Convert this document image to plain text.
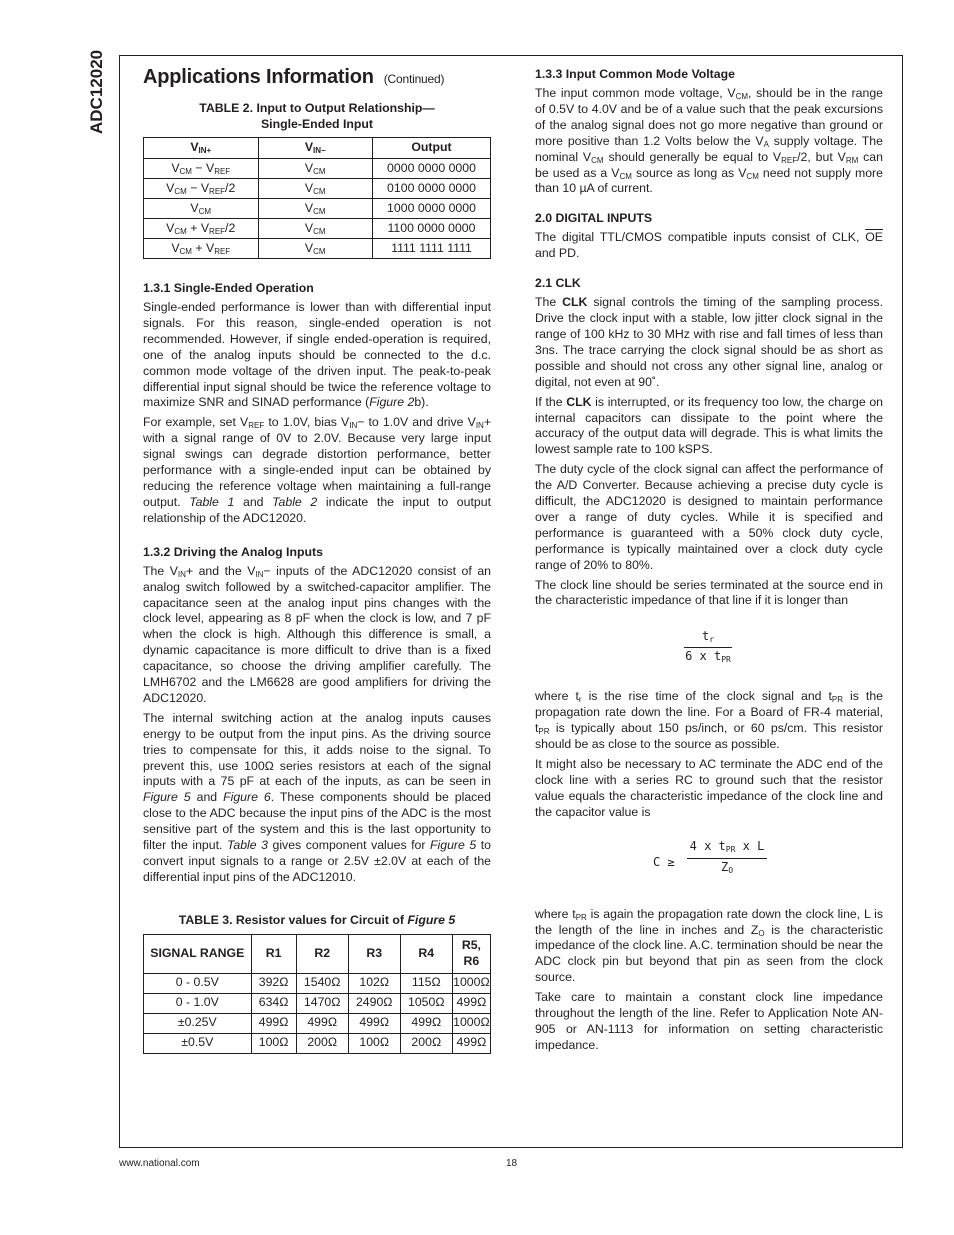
ADC12020 Applications Information (Continued)
TABLE 2. Input to Output Relationship—
Single-Ended Input
$V_{IN+}$	$V_{IN-}$	Output
$V_{CM} - V_{REF}$	$V_{CM}$	0000 0000 0000
$V_{CM} - V_{REF}/2$	$V_{CM}$	0100 0000 0000
$V_{CM}$	$V_{CM}$	1000 0000 0000
$V_{CM} + V_{REF}/2$	$V_{CM}$	1100 0000 0000
$V_{CM} + V_{REF}$	$V_{CM}$	1111 1111 1111
1.3.1 Single-Ended Operation

Single-ended performance is lower than with differential input signals. For this reason, single-ended operation is not recommended. However, if single ended-operation is required, one of the analog inputs should be connected to the d.c. common mode voltage of the driven input. The peak-to-peak differential input signal should be twice the reference voltage to maximize SNR and SINAD performance (Figure 2b).

For example, set $V_{REF}$ to 1.0V, bias $V_{IN}-$ to 1.0V and drive $V_{IN}+$ with a signal range of 0V to 2.0V. Because very large input signal swings can degrade distortion performance, better performance with a single-ended input can be obtained by reducing the reference voltage when maintaining a full-range output. Table 1 and Table 2 indicate the input to output relationship of the ADC12020.

1.3.2 Driving the Analog Inputs

The $V_{IN}+$ and the $V_{IN}-$ inputs of the ADC12020 consist of an analog switch followed by a switched-capacitor amplifier. The capacitance seen at the analog input pins changes with the clock level, appearing as 8 pF when the clock is low, and 7 pF when the clock is high. Although this difference is small, a dynamic capacitance is more difficult to drive than is a fixed capacitance, so choose the driving amplifier carefully. The LMH6702 and the LM6628 are good amplifiers for driving the ADC12020.

The internal switching action at the analog inputs causes energy to be output from the input pins. As the driving source tries to compensate for this, it adds noise to the signal. To prevent this, use 100Ω series resistors at each of the signal inputs with a 75 pF at each of the inputs, as can be seen in Figure 5 and Figure 6. These components should be placed close to the ADC because the input pins of the ADC is the most sensitive part of the system and this is the last opportunity to filter the input. Table 3 gives component values for Figure 5 to convert input signals to a range or 2.5V ±2.0V at each of the differential input pins of the ADC12010.

TABLE 3. Resistor values for Circuit of Figure 5
SIGNAL RANGE	R1	R2	R3	R4	R5, R6
0 - 0.5V	392Ω	1540Ω	102Ω	115Ω	1000Ω
0 - 1.0V	634Ω	1470Ω	2490Ω	1050Ω	499Ω
±0.25V	499Ω	499Ω	499Ω	499Ω	1000Ω
±0.5V	100Ω	200Ω	100Ω	200Ω	499Ω
1.3.3 Input Common Mode Voltage

The input common mode voltage, $V_{CM}$, should be in the range of 0.5V to 4.0V and be of a value such that the peak excursions of the analog signal does not go more negative than ground or more positive than 1.2 Volts below the $V_A$ supply voltage. The nominal $V_{CM}$ should generally be equal to $V_{REF}/2$, but $V_{RM}$ can be used as a $V_{CM}$ source as long as $V_{CM}$ need not supply more than 10 µA of current.

2.0 DIGITAL INPUTS

The digital TTL/CMOS compatible inputs consist of CLK, $\overline{OE}$ and PD.

2.1 CLK

The CLK signal controls the timing of the sampling process. Drive the clock input with a stable, low jitter clock signal in the range of 100 kHz to 30 MHz with rise and fall times of less than 3ns. The trace carrying the clock signal should be as short as possible and should not cross any other signal line, analog or digital, not even at 90˚.

If the CLK is interrupted, or its frequency too low, the charge on internal capacitors can dissipate to the point where the accuracy of the output data will degrade. This is what limits the lowest sample rate to 100 kSPS.

The duty cycle of the clock signal can affect the performance of the A/D Converter. Because achieving a precise duty cycle is difficult, the ADC12020 is designed to maintain performance over a range of duty cycles. While it is specified and performance is guaranteed with a 50% clock duty cycle, performance is typically maintained over a clock duty cycle range of 20% to 80%.

The clock line should be series terminated at the source end in the characteristic impedance of that line if it is longer than

$t_r$
6 x $t_{PR}$

where $t_r$ is the rise time of the clock signal and $t_{PR}$ is the propagation rate down the line. For a Board of FR-4 material, $t_{PR}$ is typically about 150 ps/inch, or 60 ps/cm. This resistor should be as close to the source as possible.

It might also be necessary to AC terminate the ADC end of the clock line with a series RC to ground such that the resistor value equals the characteristic impedance of the clock line and the capacitor value is

C ≥
4 x $t_{PR}$ x L
$Z_O$

where $t_{PR}$ is again the propagation rate down the clock line, L is the length of the line in inches and $Z_O$ is the characteristic impedance of the clock line. A.C. termination should be near the ADC clock pin but beyond that pin as seen from the clock source.

Take care to maintain a constant clock line impedance throughout the length of the line. Refer to Application Note AN-905 or AN-1113 for information on setting characteristic impedance.

www.national.com	18
